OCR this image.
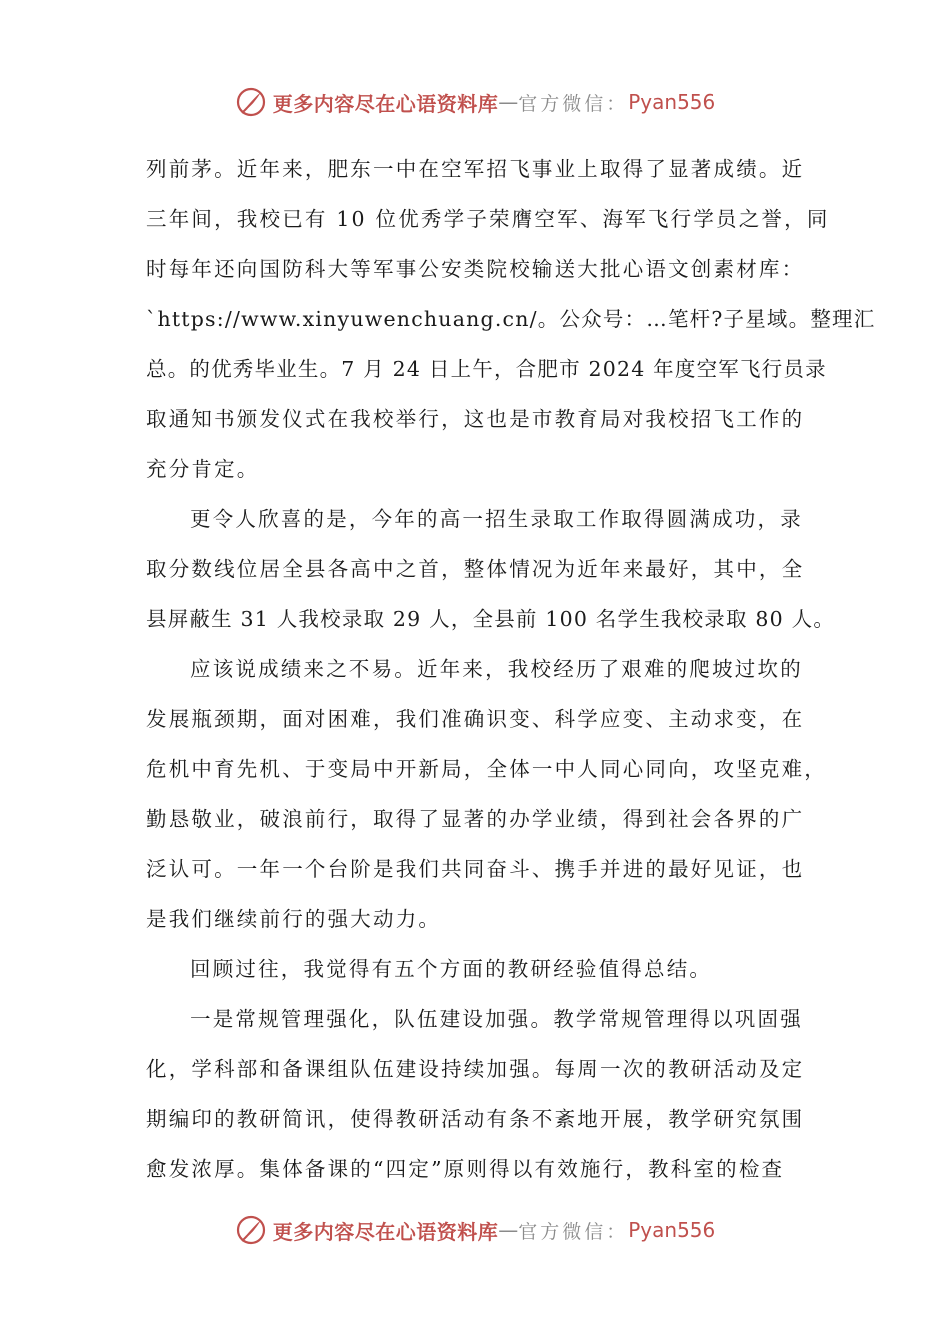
更多内容尽在心语资料库 — 官方微信： Pyan556
列前茅。近年来，肥东一中在空军招飞事业上取得了显著成绩。近
三年间，我校已有 10 位优秀学子荣膺空军、海军飞行学员之誉，同
时每年还向国防科大等军事公安类院校输送大批心语文创素材库：
`https://www.xinyuwenchuang.cn/。公众号：…笔杆?子星域。整理汇
总。的优秀毕业生。7 月 24 日上午，合肥市 2024 年度空军飞行员录
取通知书颁发仪式在我校举行，这也是市教育局对我校招飞工作的
充分肯定。
更令人欣喜的是，今年的高一招生录取工作取得圆满成功，录
取分数线位居全县各高中之首，整体情况为近年来最好，其中，全
县屏蔽生 31 人我校录取 29 人，全县前 100 名学生我校录取 80 人。
应该说成绩来之不易。近年来，我校经历了艰难的爬坡过坎的
发展瓶颈期，面对困难，我们准确识变、科学应变、主动求变，在
危机中育先机、于变局中开新局，全体一中人同心同向，攻坚克难，
勤恳敬业，破浪前行，取得了显著的办学业绩，得到社会各界的广
泛认可。一年一个台阶是我们共同奋斗、携手并进的最好见证，也
是我们继续前行的强大动力。
回顾过往，我觉得有五个方面的教研经验值得总结。
一是常规管理强化，队伍建设加强。教学常规管理得以巩固强
化，学科部和备课组队伍建设持续加强。每周一次的教研活动及定
期编印的教研简讯，使得教研活动有条不紊地开展，教学研究氛围
愈发浓厚。集体备课的“四定”原则得以有效施行，教科室的检查
更多内容尽在心语资料库 — 官方微信： Pyan556
